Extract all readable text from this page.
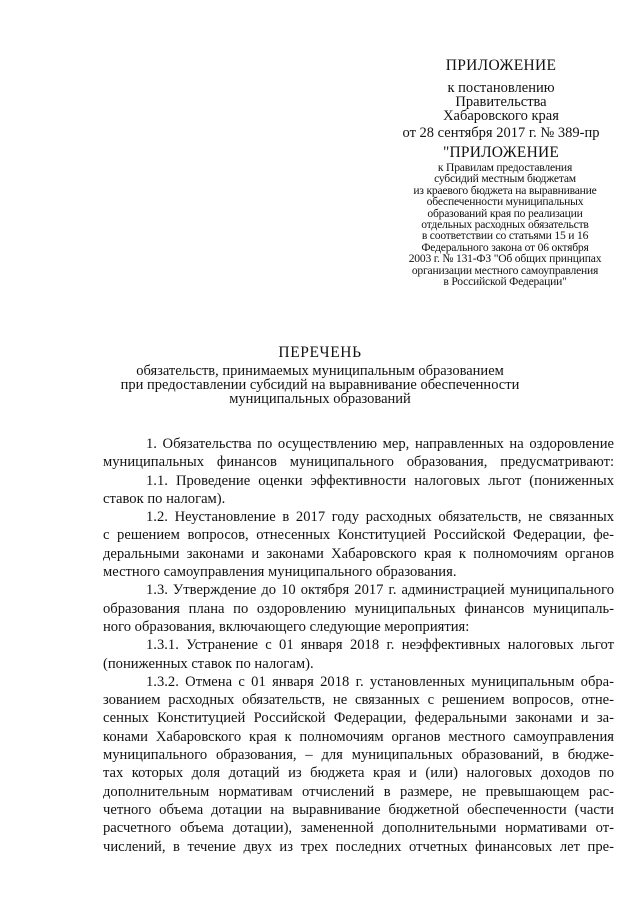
ПРИЛОЖЕНИЕ
к постановлению
Правительства
Хабаровского края
от 28 сентября 2017 г. № 389-пр
"ПРИЛОЖЕНИЕ
к Правилам предоставления
субсидий местным бюджетам
из краевого бюджета на выравнивание
обеспеченности муниципальных
образований края по реализации
отдельных расходных обязательств
в соответствии со статьями 15 и 16
Федерального закона от 06 октября
2003 г. № 131-ФЗ "Об общих принципах
организации местного самоуправления
в Российской Федерации"
ПЕРЕЧЕНЬ
обязательств, принимаемых муниципальным образованием
при предоставлении субсидий на выравнивание обеспеченности
муниципальных образований
1. Обязательства по осуществлению мер, направленных на оздоровление
муниципальных финансов муниципального образования, предусматривают:
1.1. Проведение оценки эффективности налоговых льгот (пониженных
ставок по налогам).
1.2. Неустановление в 2017 году расходных обязательств, не связанных
с решением вопросов, отнесенных Конституцией Российской Федерации, фе-
деральными законами и законами Хабаровского края к полномочиям органов
местного самоуправления муниципального образования.
1.3. Утверждение до 10 октября 2017 г. администрацией муниципального
образования плана по оздоровлению муниципальных финансов муниципаль-
ного образования, включающего следующие мероприятия:
1.3.1. Устранение с 01 января 2018 г. неэффективных налоговых льгот
(пониженных ставок по налогам).
1.3.2. Отмена с 01 января 2018 г. установленных муниципальным обра-
зованием расходных обязательств, не связанных с решением вопросов, отне-
сенных Конституцией Российской Федерации, федеральными законами и за-
конами Хабаровского края к полномочиям органов местного самоуправления
муниципального образования, – для муниципальных образований, в бюдже-
тах которых доля дотаций из бюджета края и (или) налоговых доходов по
дополнительным нормативам отчислений в размере, не превышающем рас-
четного объема дотации на выравнивание бюджетной обеспеченности (части
расчетного объема дотации), замененной дополнительными нормативами от-
числений, в течение двух из трех последних отчетных финансовых лет пре-
